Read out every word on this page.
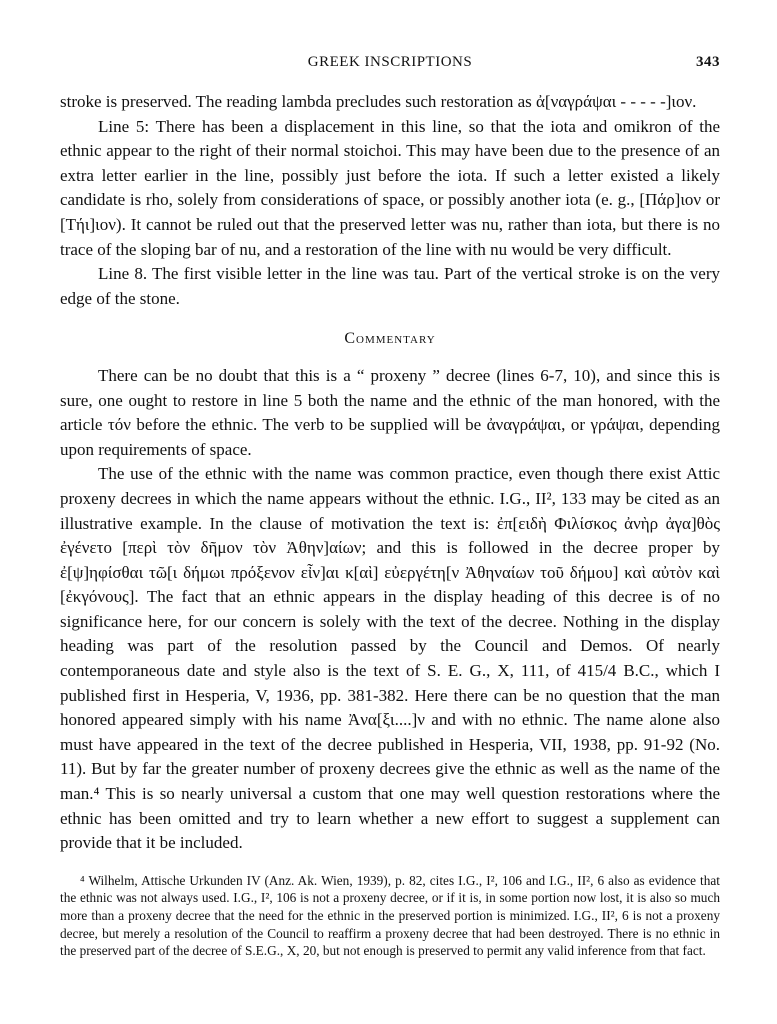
GREEK INSCRIPTIONS	343

stroke is preserved. The reading lambda precludes such restoration as ἀ[ναγράψαι - - - - -]ιον.

Line 5: There has been a displacement in this line, so that the iota and omikron of the ethnic appear to the right of their normal stoichoi. This may have been due to the presence of an extra letter earlier in the line, possibly just before the iota. If such a letter existed a likely candidate is rho, solely from considerations of space, or possibly another iota (e. g., [Πάρ]ιον or [Τήι]ιον). It cannot be ruled out that the preserved letter was nu, rather than iota, but there is no trace of the sloping bar of nu, and a restoration of the line with nu would be very difficult.

Line 8. The first visible letter in the line was tau. Part of the vertical stroke is on the very edge of the stone.

Commentary

There can be no doubt that this is a “ proxeny ” decree (lines 6-7, 10), and since this is sure, one ought to restore in line 5 both the name and the ethnic of the man honored, with the article τόν before the ethnic. The verb to be supplied will be ἀναγράψαι, or γράψαι, depending upon requirements of space.

The use of the ethnic with the name was common practice, even though there exist Attic proxeny decrees in which the name appears without the ethnic. I.G., II², 133 may be cited as an illustrative example. In the clause of motivation the text is: ἐπ[ειδὴ Φιλίσκος ἀνὴρ ἀγα]θὸς ἐγένετο [περὶ τὸν δῆμον τὸν Ἀθην]αίων; and this is followed in the decree proper by ἐ[ψ]ηφίσθαι τῶ[ι δήμωι πρόξενον εἶν]αι κ[αὶ] εὐεργέτη[ν Ἀθηναίων τοῦ δήμου] καὶ αὐτὸν καὶ [ἐκγόνους]. The fact that an ethnic appears in the display heading of this decree is of no significance here, for our concern is solely with the text of the decree. Nothing in the display heading was part of the resolution passed by the Council and Demos. Of nearly contemporaneous date and style also is the text of S. E. G., X, 111, of 415/4 B.C., which I published first in Hesperia, V, 1936, pp. 381-382. Here there can be no question that the man honored appeared simply with his name Ἀνα[ξι....]ν and with no ethnic. The name alone also must have appeared in the text of the decree published in Hesperia, VII, 1938, pp. 91-92 (No. 11). But by far the greater number of proxeny decrees give the ethnic as well as the name of the man.⁴ This is so nearly universal a custom that one may well question restorations where the ethnic has been omitted and try to learn whether a new effort to suggest a supplement can provide that it be included.

⁴ Wilhelm, Attische Urkunden IV (Anz. Ak. Wien, 1939), p. 82, cites I.G., I², 106 and I.G., II², 6 also as evidence that the ethnic was not always used. I.G., I², 106 is not a proxeny decree, or if it is, in some portion now lost, it is also so much more than a proxeny decree that the need for the ethnic in the preserved portion is minimized. I.G., II², 6 is not a proxeny decree, but merely a resolution of the Council to reaffirm a proxeny decree that had been destroyed. There is no ethnic in the preserved part of the decree of S.E.G., X, 20, but not enough is preserved to permit any valid inference from that fact.
